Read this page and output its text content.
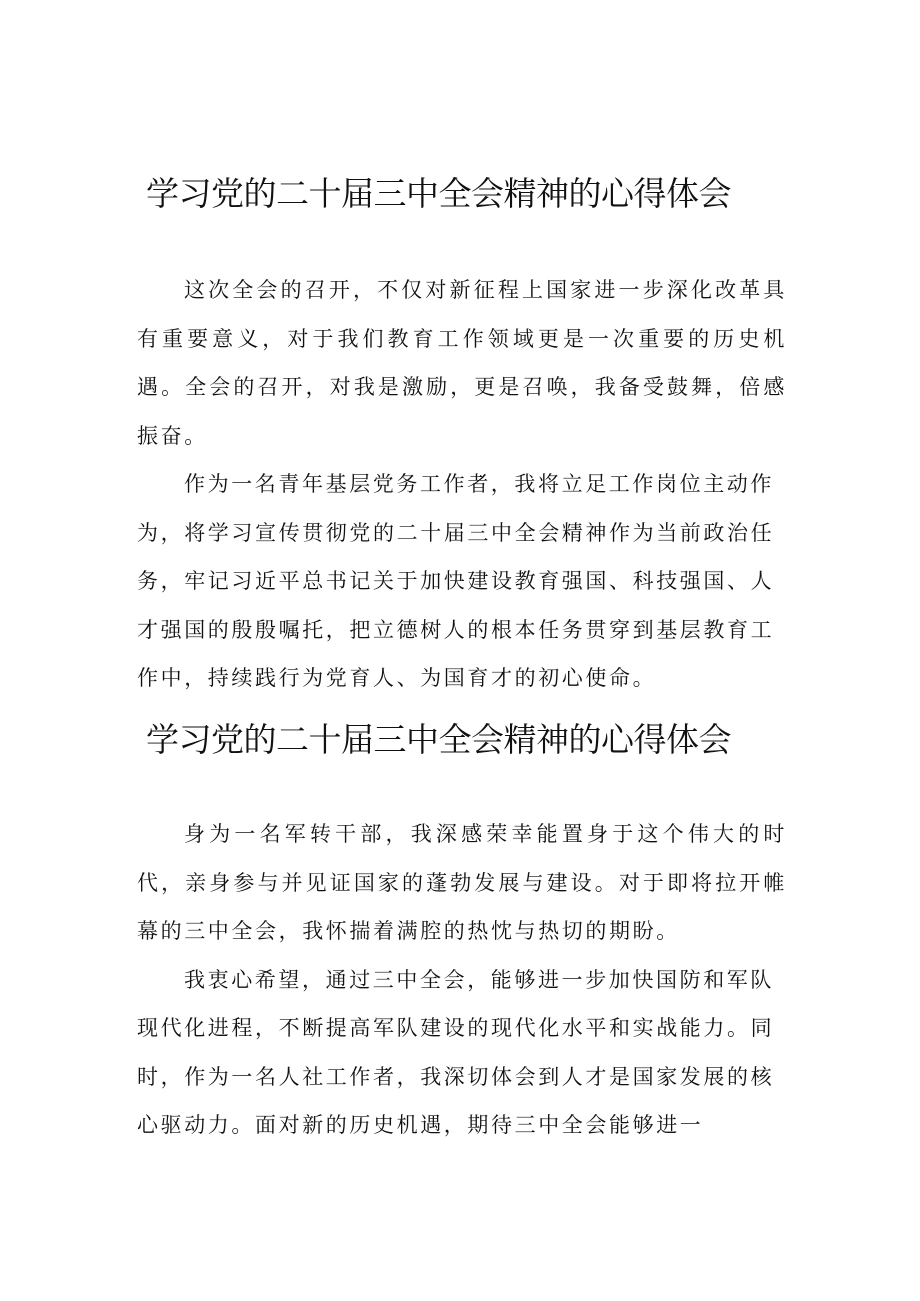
学习党的二十届三中全会精神的心得体会

这次全会的召开，不仅对新征程上国家进一步深化改革具有重要意义，对于我们教育工作领域更是一次重要的历史机遇。全会的召开，对我是激励，更是召唤，我备受鼓舞，倍感振奋。

作为一名青年基层党务工作者，我将立足工作岗位主动作为，将学习宣传贯彻党的二十届三中全会精神作为当前政治任务，牢记习近平总书记关于加快建设教育强国、科技强国、人才强国的殷殷嘱托，把立德树人的根本任务贯穿到基层教育工作中，持续践行为党育人、为国育才的初心使命。

学习党的二十届三中全会精神的心得体会

身为一名军转干部，我深感荣幸能置身于这个伟大的时代，亲身参与并见证国家的蓬勃发展与建设。对于即将拉开帷幕的三中全会，我怀揣着满腔的热忱与热切的期盼。

我衷心希望，通过三中全会，能够进一步加快国防和军队现代化进程，不断提高军队建设的现代化水平和实战能力。同时，作为一名人社工作者，我深切体会到人才是国家发展的核心驱动力。面对新的历史机遇，期待三中全会能够进一
